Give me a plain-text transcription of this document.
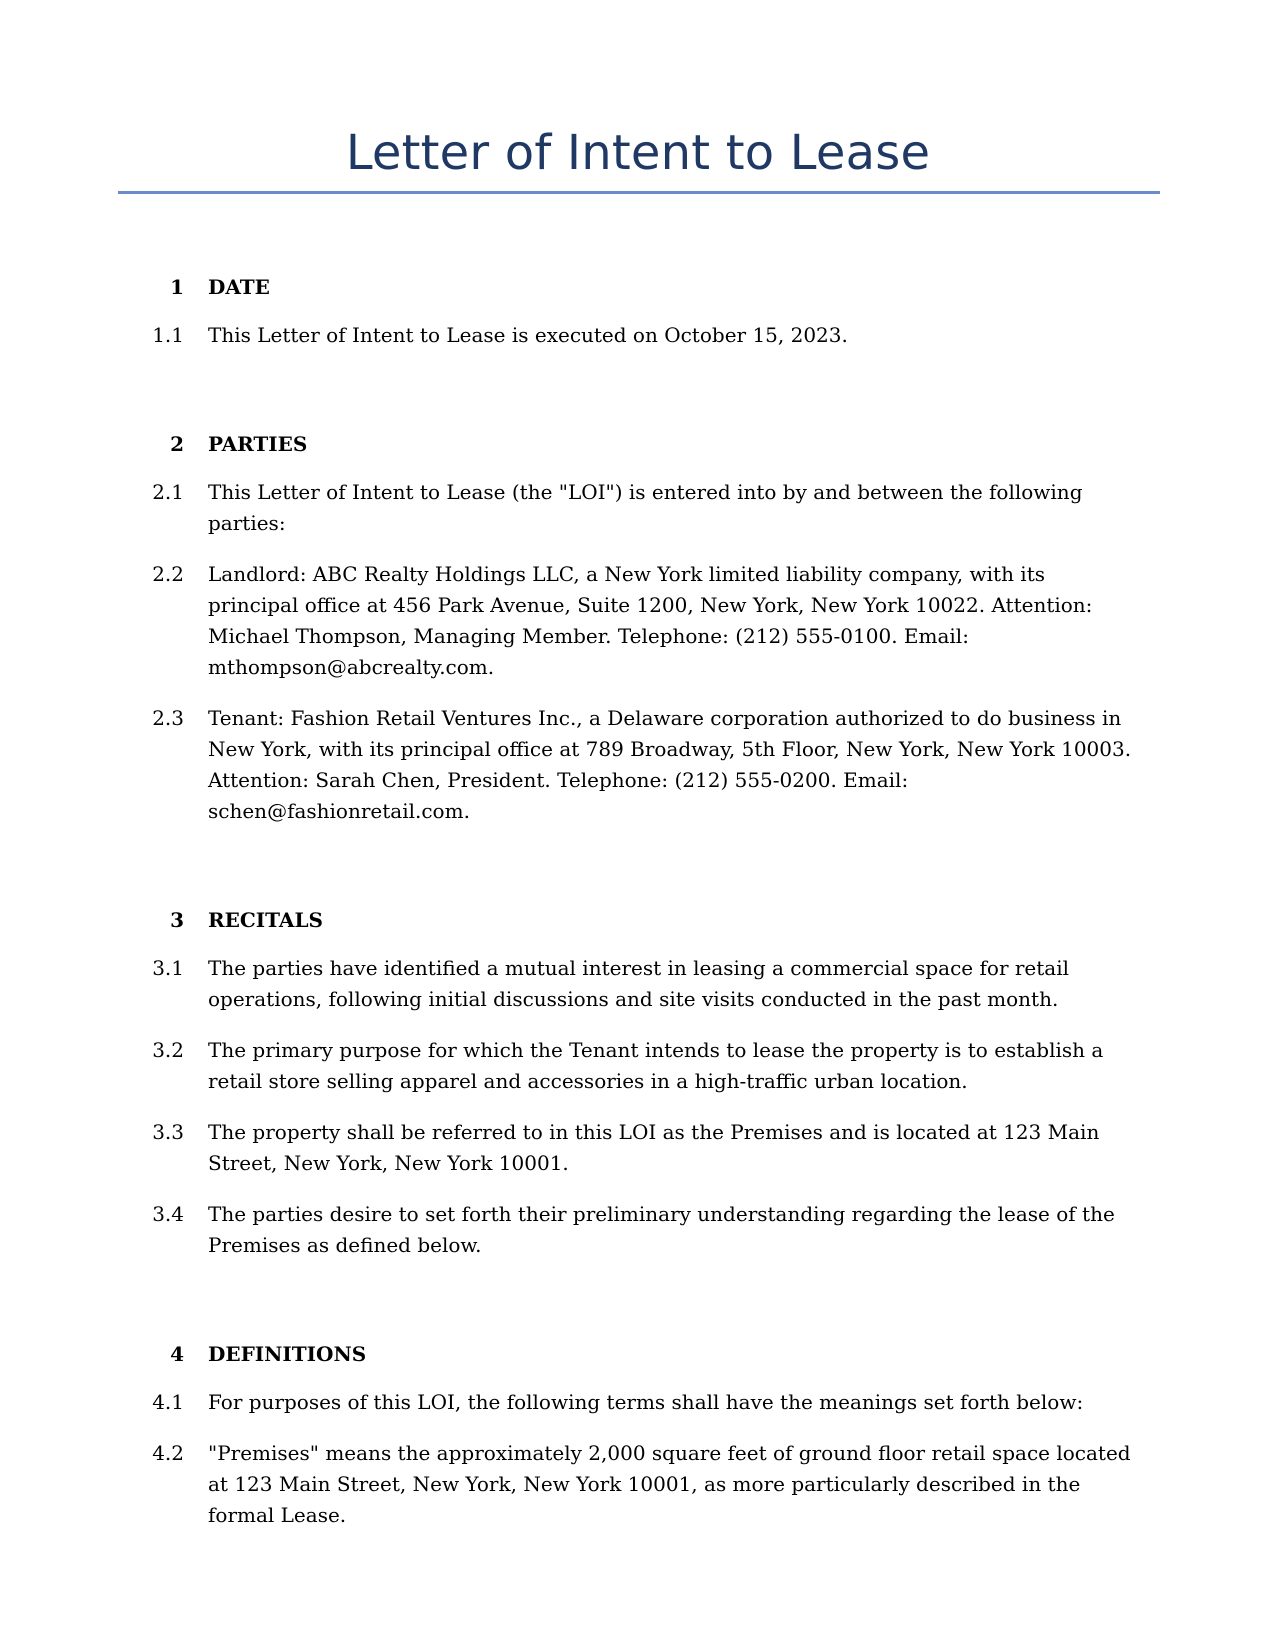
Letter of Intent to Lease
1 DATE
1.1 This Letter of Intent to Lease is executed on October 15, 2023.
2 PARTIES
2.1 This Letter of Intent to Lease (the "LOI") is entered into by and between the following parties:
2.2 Landlord: ABC Realty Holdings LLC, a New York limited liability company, with its principal office at 456 Park Avenue, Suite 1200, New York, New York 10022. Attention: Michael Thompson, Managing Member. Telephone: (212) 555-0100. Email: mthompson@abcrealty.com.
2.3 Tenant: Fashion Retail Ventures Inc., a Delaware corporation authorized to do business in New York, with its principal office at 789 Broadway, 5th Floor, New York, New York 10003. Attention: Sarah Chen, President. Telephone: (212) 555-0200. Email: schen@fashionretail.com.
3 RECITALS
3.1 The parties have identified a mutual interest in leasing a commercial space for retail operations, following initial discussions and site visits conducted in the past month.
3.2 The primary purpose for which the Tenant intends to lease the property is to establish a retail store selling apparel and accessories in a high-traffic urban location.
3.3 The property shall be referred to in this LOI as the Premises and is located at 123 Main Street, New York, New York 10001.
3.4 The parties desire to set forth their preliminary understanding regarding the lease of the Premises as defined below.
4 DEFINITIONS
4.1 For purposes of this LOI, the following terms shall have the meanings set forth below:
4.2 "Premises" means the approximately 2,000 square feet of ground floor retail space located at 123 Main Street, New York, New York 10001, as more particularly described in the formal Lease.
